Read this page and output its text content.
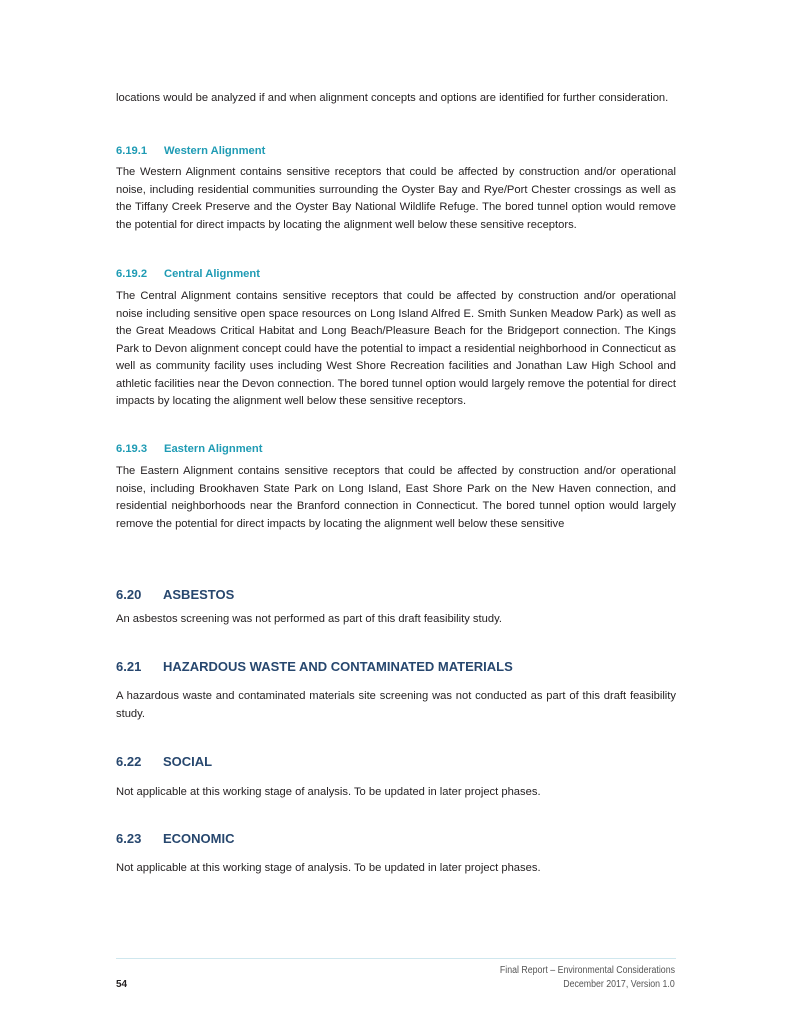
locations would be analyzed if and when alignment concepts and options are identified for further consideration.

6.19.1 Western Alignment

The Western Alignment contains sensitive receptors that could be affected by construction and/or operational noise, including residential communities surrounding the Oyster Bay and Rye/Port Chester crossings as well as the Tiffany Creek Preserve and the Oyster Bay National Wildlife Refuge. The bored tunnel option would remove the potential for direct impacts by locating the alignment well below these sensitive receptors.

6.19.2 Central Alignment

The Central Alignment contains sensitive receptors that could be affected by construction and/or operational noise including sensitive open space resources on Long Island Alfred E. Smith Sunken Meadow Park) as well as the Great Meadows Critical Habitat and Long Beach/Pleasure Beach for the Bridgeport connection. The Kings Park to Devon alignment concept could have the potential to impact a residential neighborhood in Connecticut as well as community facility uses including West Shore Recreation facilities and Jonathan Law High School and athletic facilities near the Devon connection. The bored tunnel option would largely remove the potential for direct impacts by locating the alignment well below these sensitive receptors.

6.19.3 Eastern Alignment

The Eastern Alignment contains sensitive receptors that could be affected by construction and/or operational noise, including Brookhaven State Park on Long Island, East Shore Park on the New Haven connection, and residential neighborhoods near the Branford connection in Connecticut. The bored tunnel option would largely remove the potential for direct impacts by locating the alignment well below these sensitive

6.20 ASBESTOS

An asbestos screening was not performed as part of this draft feasibility study.

6.21 HAZARDOUS WASTE AND CONTAMINATED MATERIALS

A hazardous waste and contaminated materials site screening was not conducted as part of this draft feasibility study.

6.22 SOCIAL

Not applicable at this working stage of analysis. To be updated in later project phases.

6.23 ECONOMIC

Not applicable at this working stage of analysis. To be updated in later project phases.

Final Report – Environmental Considerations
December 2017, Version 1.0
54
